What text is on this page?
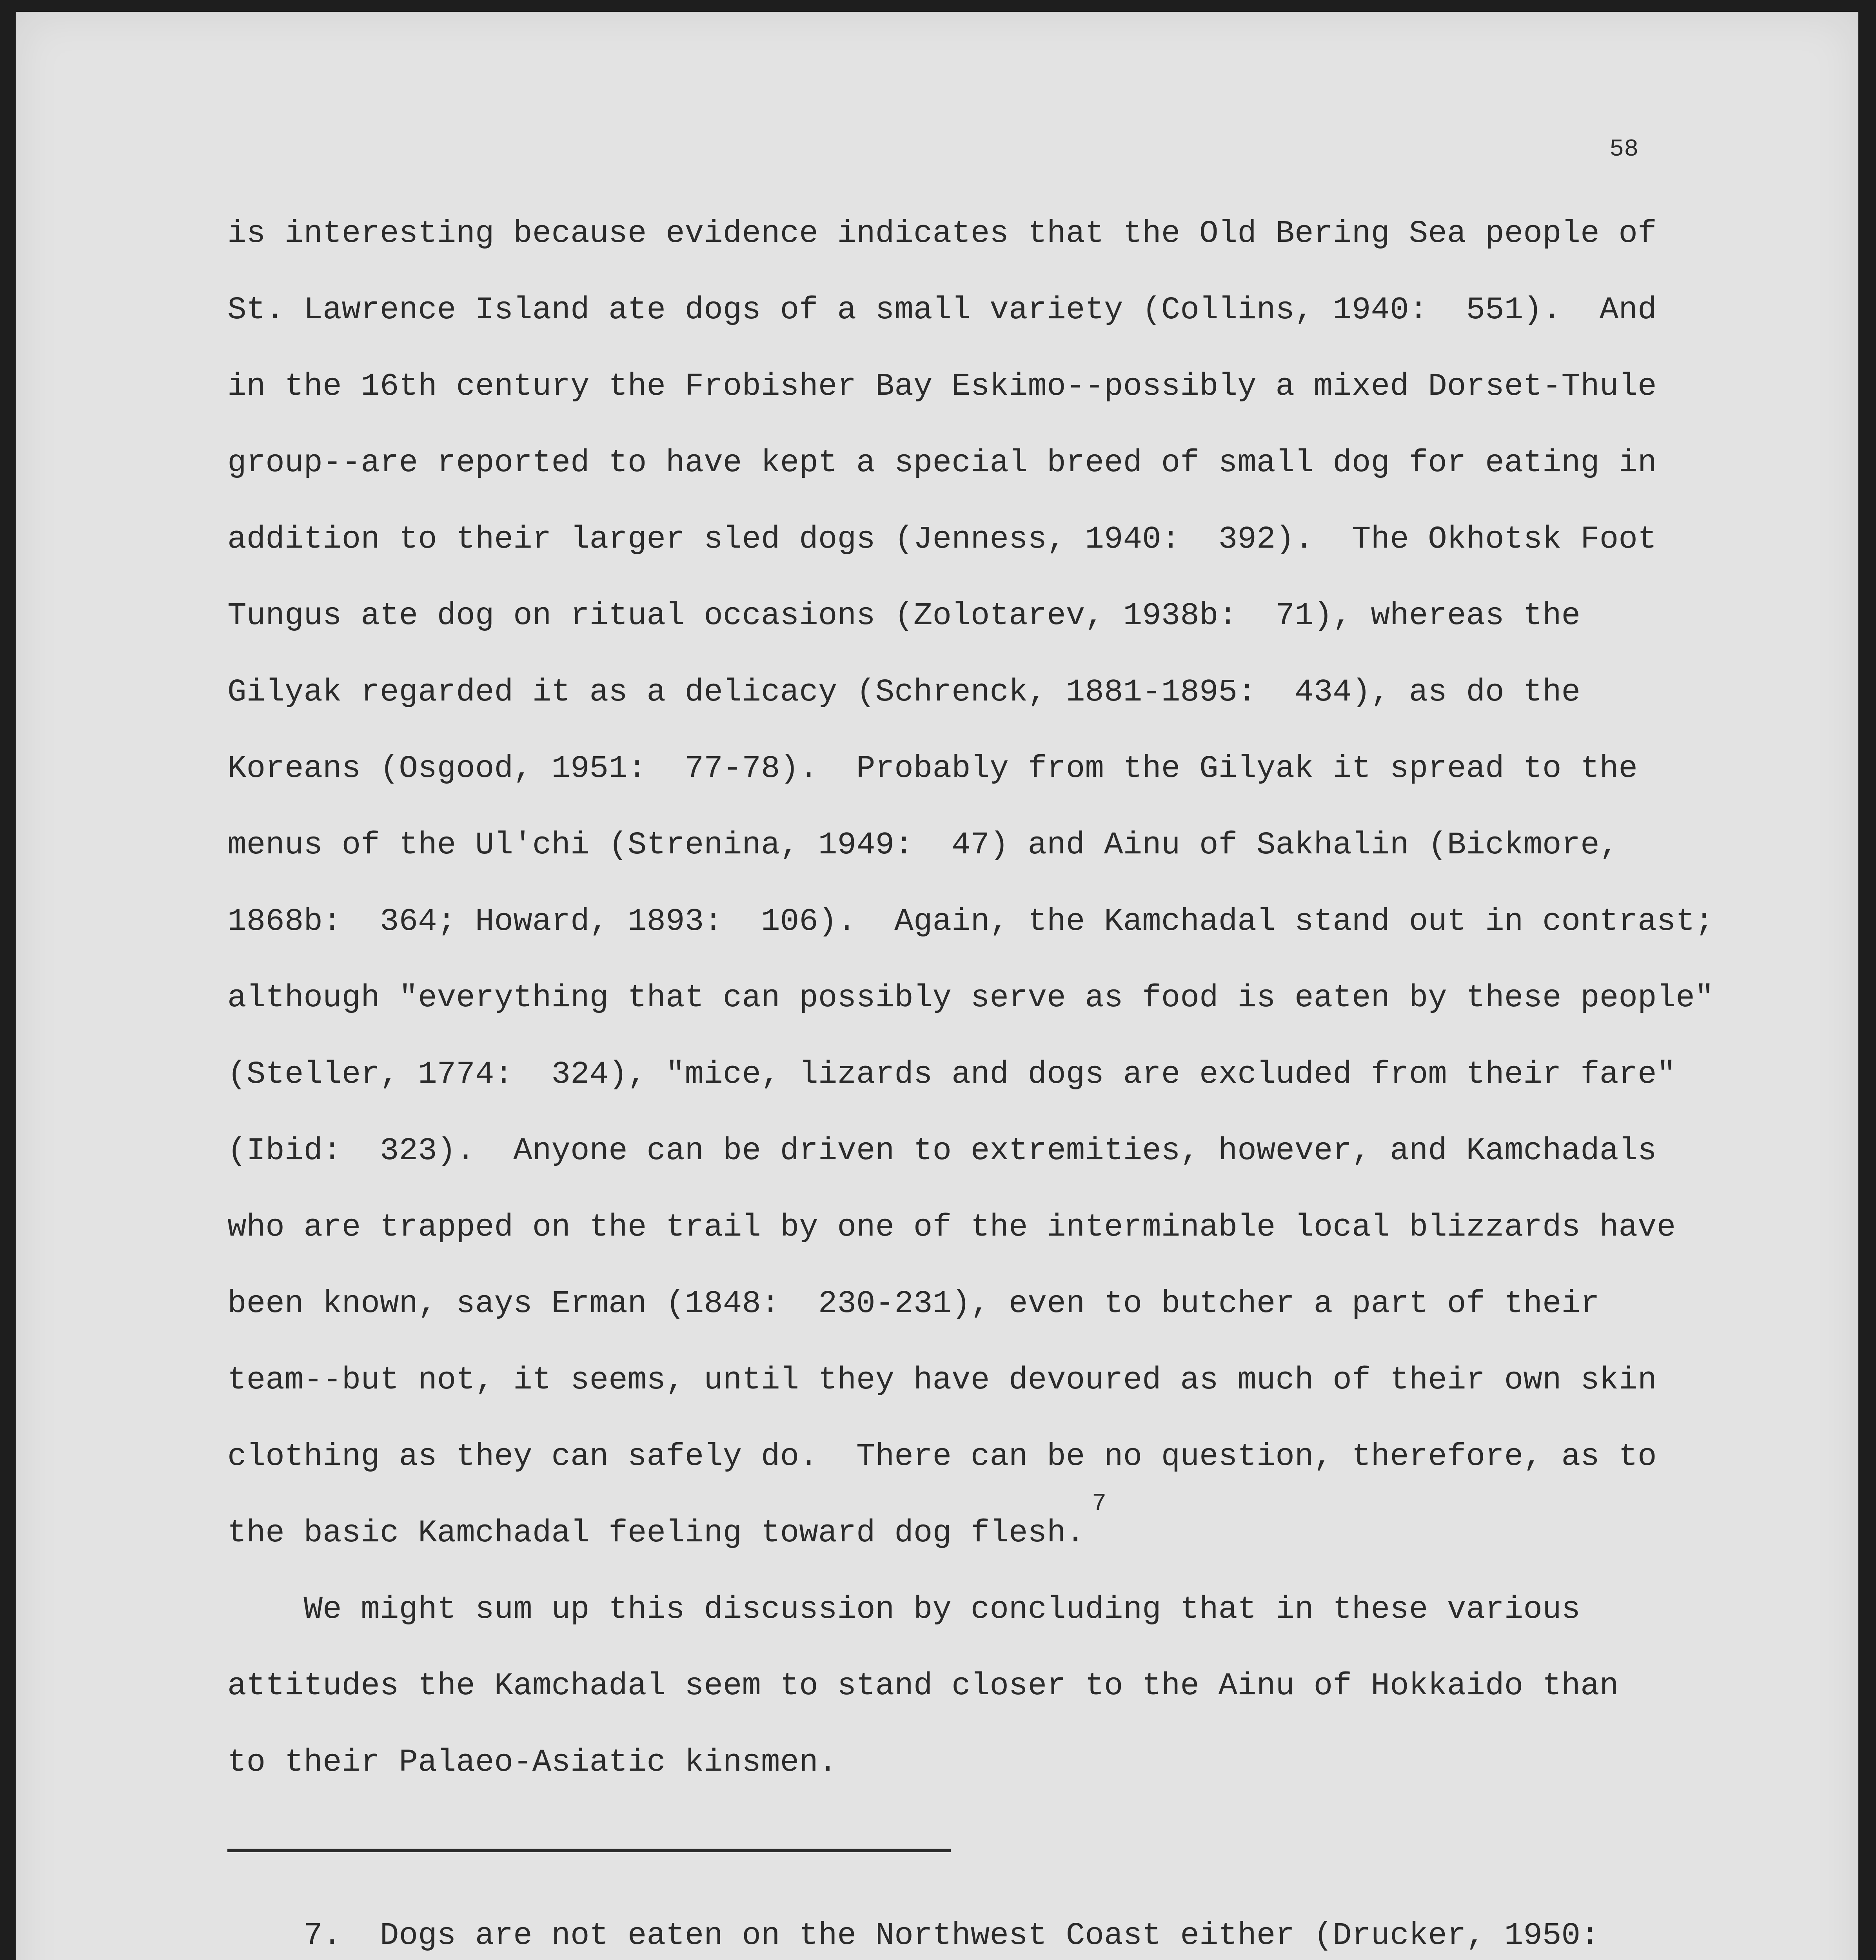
58
is interesting because evidence indicates that the Old Bering Sea people of
St. Lawrence Island ate dogs of a small variety (Collins, 1940:  551).  And
in the 16th century the Frobisher Bay Eskimo--possibly a mixed Dorset-Thule
group--are reported to have kept a special breed of small dog for eating in
addition to their larger sled dogs (Jenness, 1940:  392).  The Okhotsk Foot
Tungus ate dog on ritual occasions (Zolotarev, 1938b:  71), whereas the
Gilyak regarded it as a delicacy (Schrenck, 1881-1895:  434), as do the
Koreans (Osgood, 1951:  77-78).  Probably from the Gilyak it spread to the
menus of the Ul'chi (Strenina, 1949:  47) and Ainu of Sakhalin (Bickmore,
1868b:  364; Howard, 1893:  106).  Again, the Kamchadal stand out in contrast;
although "everything that can possibly serve as food is eaten by these people"
(Steller, 1774:  324), "mice, lizards and dogs are excluded from their fare"
(Ibid:  323).  Anyone can be driven to extremities, however, and Kamchadals
who are trapped on the trail by one of the interminable local blizzards have
been known, says Erman (1848:  230-231), even to butcher a part of their
team--but not, it seems, until they have devoured as much of their own skin
clothing as they can safely do.  There can be no question, therefore, as to
the basic Kamchadal feeling toward dog flesh.
7
We might sum up this discussion by concluding that in these various
attitudes the Kamchadal seem to stand closer to the Ainu of Hokkaido than
to their Palaeo-Asiatic kinsmen.
7.  Dogs are not eaten on the Northwest Coast either (Drucker, 1950:
